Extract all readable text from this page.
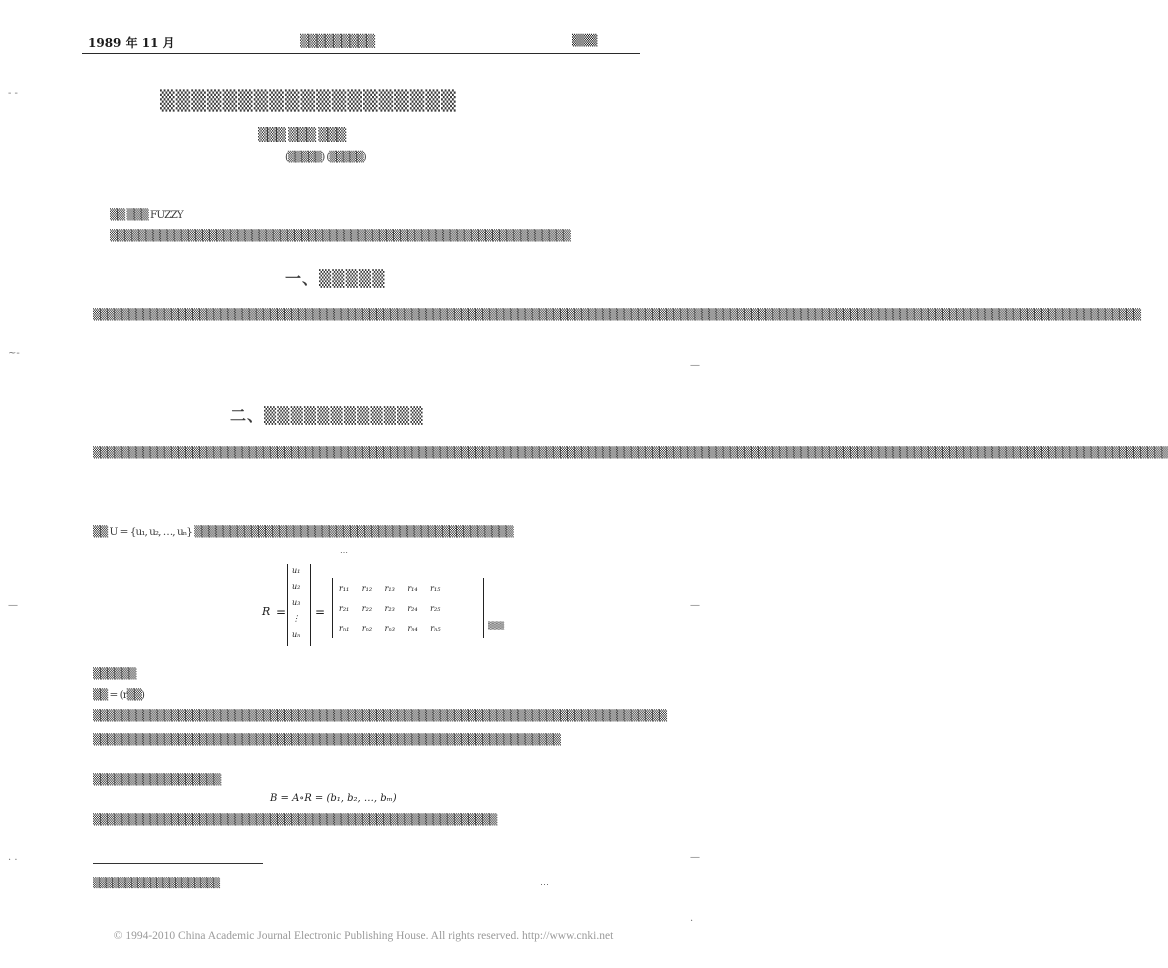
1989 年 11 月	▒▒▒▒▒▒▒▒▒	▒▒▒
▒▒▒▒▒▒▒▒▒▒▒▒▒▒▒▒▒▒▒
▒▒▒ ▒▒▒ ▒▒▒
(▒▒▒▒▒) (▒▒▒▒▒)
▒▒ ▒▒▒ FUZZY ▒▒▒▒▒▒▒▒▒▒▒▒▒▒▒▒▒▒▒▒▒▒▒▒▒▒▒▒▒▒▒▒▒▒▒▒▒▒▒▒▒▒▒▒▒▒▒▒▒▒▒▒▒▒▒▒▒▒▒▒▒▒▒▒▒
一、▒▒▒▒▒
▒▒▒▒▒▒▒▒▒▒▒▒▒▒▒▒▒▒▒▒▒▒▒▒▒▒▒▒▒▒▒▒▒▒▒▒▒▒▒▒▒▒▒▒▒▒▒▒▒▒▒▒▒▒▒▒▒▒▒▒▒▒▒▒▒▒▒▒▒▒▒▒▒▒▒▒▒▒▒▒▒▒▒▒▒▒▒▒▒▒▒▒▒▒▒▒▒▒▒▒▒▒▒▒▒▒▒▒▒▒▒▒▒▒▒▒▒▒▒▒▒▒▒▒▒▒▒▒▒▒▒▒▒▒▒▒▒▒▒▒▒▒▒▒▒▒▒▒
二、▒▒▒▒▒▒▒▒▒▒▒▒
▒▒▒▒▒▒▒▒▒▒▒▒▒▒▒▒▒▒▒▒▒▒▒▒▒▒▒▒▒▒▒▒▒▒▒▒▒▒▒▒▒▒▒▒▒▒▒▒▒▒▒▒▒▒▒▒▒▒▒▒▒▒▒▒▒▒▒▒▒▒▒▒▒▒▒▒▒▒▒▒▒▒▒▒▒▒▒▒▒▒▒▒▒▒▒▒▒▒▒▒▒▒▒▒▒▒▒▒▒▒▒▒▒▒▒▒▒▒▒▒▒▒▒▒▒▒▒▒▒▒▒▒▒▒▒▒▒▒▒▒▒▒▒▒▒▒▒▒▒▒▒▒
▒▒ U = {u₁, u₂, …, uₙ} ▒▒▒▒▒▒▒▒▒▒▒▒▒▒▒▒▒▒▒▒▒▒▒▒▒▒▒▒▒▒▒▒▒▒▒▒▒▒▒▒▒▒▒▒▒
⋯
R =
u₁
u₂
u₃
⋮
uₙ
=
r₁₁ r₁₂ r₁₃ r₁₄ r₁₅
r₂₁ r₂₂ r₂₃ r₂₄ r₂₅
rₙ₁ rₙ₂ rₙ₃ rₙ₄ rₙ₅	▒▒▒
▒▒▒▒▒▒
▒▒ = (r▒▒) ▒▒▒▒▒▒▒▒▒▒▒▒▒▒▒▒▒▒▒▒▒▒▒▒▒▒▒▒▒▒▒▒▒▒▒▒▒▒▒▒▒▒▒▒▒▒▒▒▒▒▒▒▒▒▒▒▒▒▒▒▒▒▒▒▒▒▒▒▒▒▒▒▒▒▒▒▒▒▒▒▒
▒▒▒▒▒▒▒▒▒▒▒▒▒▒▒▒▒▒▒▒▒▒▒▒▒▒▒▒▒▒▒▒▒▒▒▒▒▒▒▒▒▒▒▒▒▒▒▒▒▒▒▒▒▒▒▒▒▒▒▒▒▒▒▒▒▒
▒▒▒▒▒▒▒▒▒▒▒▒▒▒▒▒▒▒
B = A∘R = (b₁, b₂, …, bₘ)
▒▒▒▒▒▒▒▒▒▒▒▒▒▒▒▒▒▒▒▒▒▒▒▒▒▒▒▒▒▒▒▒▒▒▒▒▒▒▒▒▒▒▒▒▒▒▒▒▒▒▒▒▒▒▒▒▒
▒▒▒▒▒▒▒▒▒▒▒▒▒▒▒▒▒▒▒▒	⋯
- -
~-
—
· ·
—
—
—
·
© 1994-2010 China Academic Journal Electronic Publishing House. All rights reserved. http://www.cnki.net
